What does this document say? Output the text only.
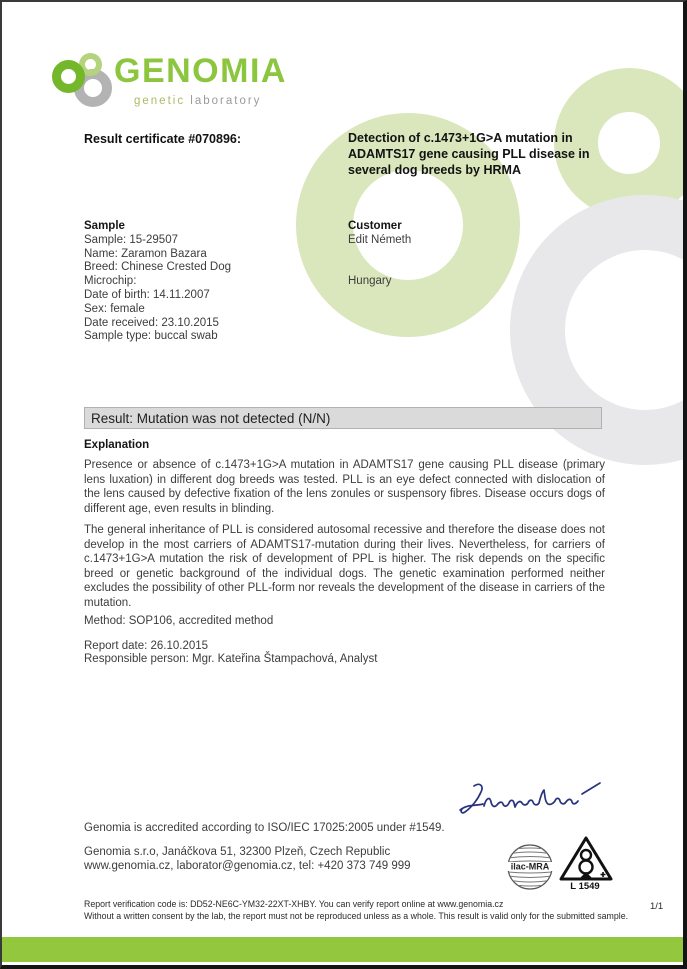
GENOMIA
genetic laboratory
Result certificate #070896:	Detection of c.1473+1G>A mutation in ADAMTS17 gene causing PLL disease in several dog breeds by HRMA
Sample
Sample: 15-29507
Name: Zaramon Bazara
Breed: Chinese Crested Dog
Microchip:
Date of birth: 14.11.2007
Sex: female
Date received: 23.10.2015
Sample type: buccal swab
Customer
Edit Németh
Hungary
Result: Mutation was not detected (N/N)
Explanation
Presence or absence of c.1473+1G>A mutation in ADAMTS17 gene causing PLL disease (primary lens luxation) in different dog breeds was tested. PLL is an eye defect connected with dislocation of the lens caused by defective fixation of the lens zonules or suspensory fibres. Disease occurs dogs of different age, even results in blinding.
The general inheritance of PLL is considered autosomal recessive and therefore the disease does not develop in the most carriers of ADAMTS17-mutation during their lives. Nevertheless, for carriers of c.1473+1G>A mutation the risk of development of PPL is higher. The risk depends on the specific breed or genetic background of the individual dogs. The genetic examination performed neither excludes the possibility of other PLL-form nor reveals the development of the disease in carriers of the mutation.
Method: SOP106, accredited method
Report date: 26.10.2015
Responsible person: Mgr. Kateřina Štampachová, Analyst
Genomia is accredited according to ISO/IEC 17025:2005 under #1549.
Genomia s.r.o, Janáčkova 51, 32300 Plzeň, Czech Republic
www.genomia.cz, laborator@genomia.cz, tel: +420 373 749 999	ilac-MRA
L 1549
Report verification code is: DD52-NE6C-YM32-22XT-XHBY. You can verify report online at www.genomia.cz
Without a written consent by the lab, the report must not be reproduced unless as a whole. This result is valid only for the submitted sample.
1/1
